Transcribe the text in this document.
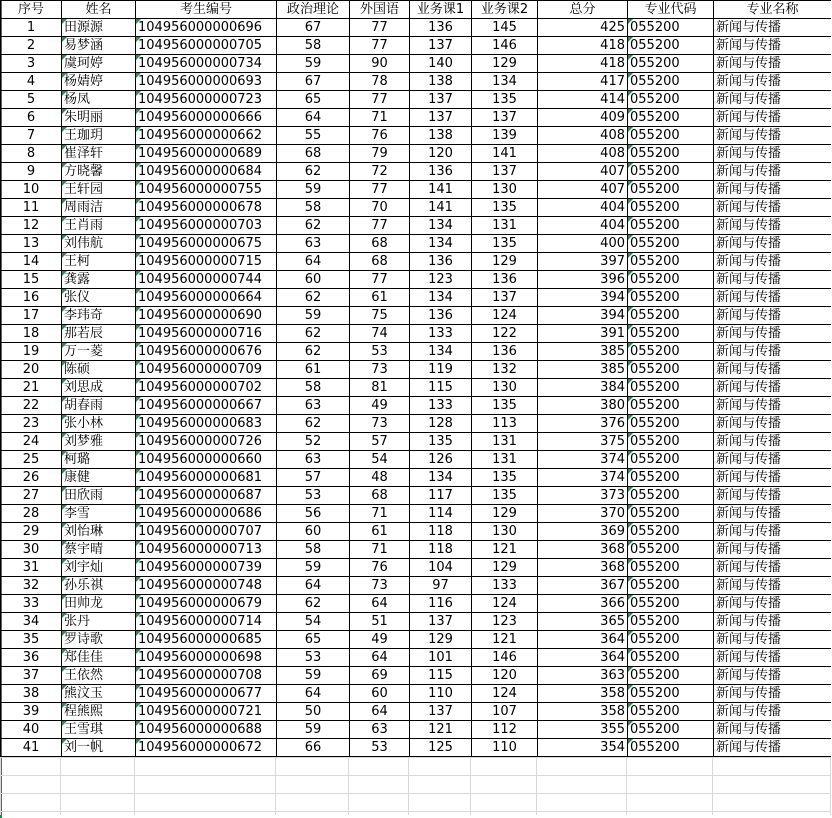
序号	姓名	考生编号	政治理论	外国语	业务课1	业务课2	总分	专业代码	专业名称
1	田源源	104956000000696	67	77	136	145	425	055200	新闻与传播
2	易梦涵	104956000000705	58	77	137	146	418	055200	新闻与传播
3	虞珂婷	104956000000734	59	90	140	129	418	055200	新闻与传播
4	杨婧婷	104956000000693	67	78	138	134	417	055200	新闻与传播
5	杨凤	104956000000723	65	77	137	135	414	055200	新闻与传播
6	朱明丽	104956000000666	64	71	137	137	409	055200	新闻与传播
7	王珈玥	104956000000662	55	76	138	139	408	055200	新闻与传播
8	崔泽轩	104956000000689	68	79	120	141	408	055200	新闻与传播
9	方晓馨	104956000000684	62	72	136	137	407	055200	新闻与传播
10	王轩园	104956000000755	59	77	141	130	407	055200	新闻与传播
11	周雨洁	104956000000678	58	70	141	135	404	055200	新闻与传播
12	王肖雨	104956000000703	62	77	134	131	404	055200	新闻与传播
13	刘伟航	104956000000675	63	68	134	135	400	055200	新闻与传播
14	王柯	104956000000715	64	68	136	129	397	055200	新闻与传播
15	龚露	104956000000744	60	77	123	136	396	055200	新闻与传播
16	张仪	104956000000664	62	61	134	137	394	055200	新闻与传播
17	李玮奇	104956000000690	59	75	136	124	394	055200	新闻与传播
18	那若辰	104956000000716	62	74	133	122	391	055200	新闻与传播
19	万一菱	104956000000676	62	53	134	136	385	055200	新闻与传播
20	陈硕	104956000000709	61	73	119	132	385	055200	新闻与传播
21	刘思成	104956000000702	58	81	115	130	384	055200	新闻与传播
22	胡春雨	104956000000667	63	49	133	135	380	055200	新闻与传播
23	张小林	104956000000683	62	73	128	113	376	055200	新闻与传播
24	刘梦雅	104956000000726	52	57	135	131	375	055200	新闻与传播
25	柯璐	104956000000660	63	54	126	131	374	055200	新闻与传播
26	康健	104956000000681	57	48	134	135	374	055200	新闻与传播
27	田欣雨	104956000000687	53	68	117	135	373	055200	新闻与传播
28	李雪	104956000000686	56	71	114	129	370	055200	新闻与传播
29	刘怡琳	104956000000707	60	61	118	130	369	055200	新闻与传播
30	蔡宇晴	104956000000713	58	71	118	121	368	055200	新闻与传播
31	刘宇灿	104956000000739	59	76	104	129	368	055200	新闻与传播
32	孙乐祺	104956000000748	64	73	97	133	367	055200	新闻与传播
33	田帅龙	104956000000679	62	64	116	124	366	055200	新闻与传播
34	张丹	104956000000714	54	51	137	123	365	055200	新闻与传播
35	罗诗歌	104956000000685	65	49	129	121	364	055200	新闻与传播
36	郑佳佳	104956000000698	53	64	101	146	364	055200	新闻与传播
37	王依然	104956000000708	59	69	115	120	363	055200	新闻与传播
38	熊汶玉	104956000000677	64	60	110	124	358	055200	新闻与传播
39	程熊熙	104956000000721	50	64	137	107	358	055200	新闻与传播
40	王雪琪	104956000000688	59	63	121	112	355	055200	新闻与传播
41	刘一帆	104956000000672	66	53	125	110	354	055200	新闻与传播
